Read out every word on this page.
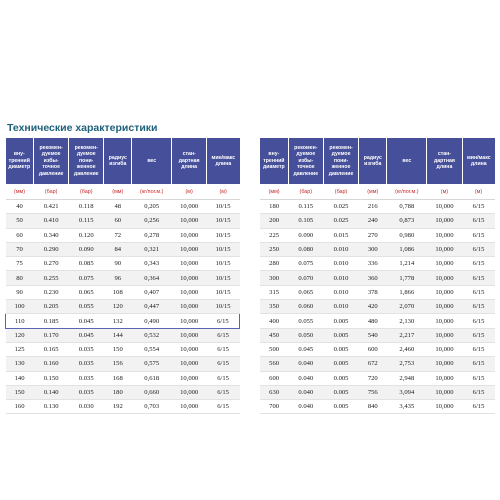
Технические характеристики
вну-
тренний
диаметр	рекомен-
дуемое
избы-
точное
давление	рекомен-
дуемое
пони-
женное
давление	радиус
изгиба	вес	стан-
дартная
длина	мин/макс
длина
(мм)	(бар)	(бар)	(мм)	(кг/пог.м.)	(м)	(м)
40	0.421	0.118	48	0,205	10,000	10/15
50	0.410	0.115	60	0,256	10,000	10/15
60	0.340	0.120	72	0,278	10,000	10/15
70	0.290	0.090	84	0,321	10,000	10/15
75	0.270	0.085	90	0,343	10,000	10/15
80	0.255	0.075	96	0,364	10,000	10/15
90	0.230	0.065	108	0,407	10,000	10/15
100	0.205	0.055	120	0,447	10,000	10/15
110	0.185	0.045	132	0,490	10,000	6/15
120	0.170	0.045	144	0,532	10,000	6/15
125	0.165	0.035	150	0,554	10,000	6/15
130	0.160	0.035	156	0,575	10,000	6/15
140	0.150	0.035	168	0,618	10,000	6/15
150	0.140	0.035	180	0,660	10,000	6/15
160	0.130	0.030	192	0,703	10,000	6/15
вну-
тренний
диаметр	рекомен-
дуемое
избы-
точное
давление	рекомен-
дуемое
пони-
женное
давление	радиус
изгиба	вес	стан-
дартная
длина	мин/макс
длина
(мм)	(бар)	(бар)	(мм)	(кг/пог.м.)	(м)	(м)
180	0.115	0.025	216	0,788	10,000	6/15
200	0.105	0.025	240	0,873	10,000	6/15
225	0.090	0.015	270	0,980	10,000	6/15
250	0.080	0.010	300	1,086	10,000	6/15
280	0.075	0.010	336	1,214	10,000	6/15
300	0.070	0.010	360	1,778	10,000	6/15
315	0.065	0.010	378	1,866	10,000	6/15
350	0.060	0.010	420	2,070	10,000	6/15
400	0.055	0.005	480	2,130	10,000	6/15
450	0.050	0.005	540	2,217	10,000	6/15
500	0.045	0.005	600	2,460	10,000	6/15
560	0.040	0.005	672	2,753	10,000	6/15
600	0.040	0.005	720	2,948	10,000	6/15
630	0.040	0.005	756	3,094	10,000	6/15
700	0.040	0.005	840	3,435	10,000	6/15
